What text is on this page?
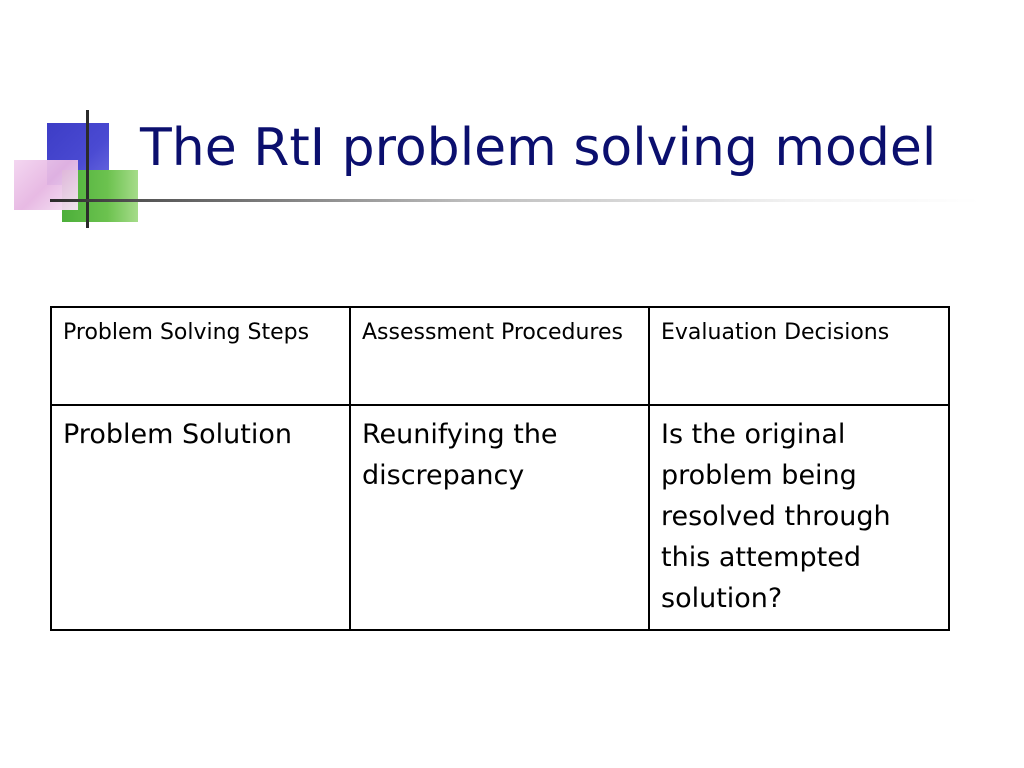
The RtI problem solving model
Problem Solving Steps	Assessment Procedures	Evaluation Decisions
Problem Solution	Reunifying the discrepancy	Is the original problem being resolved through this attempted solution?
